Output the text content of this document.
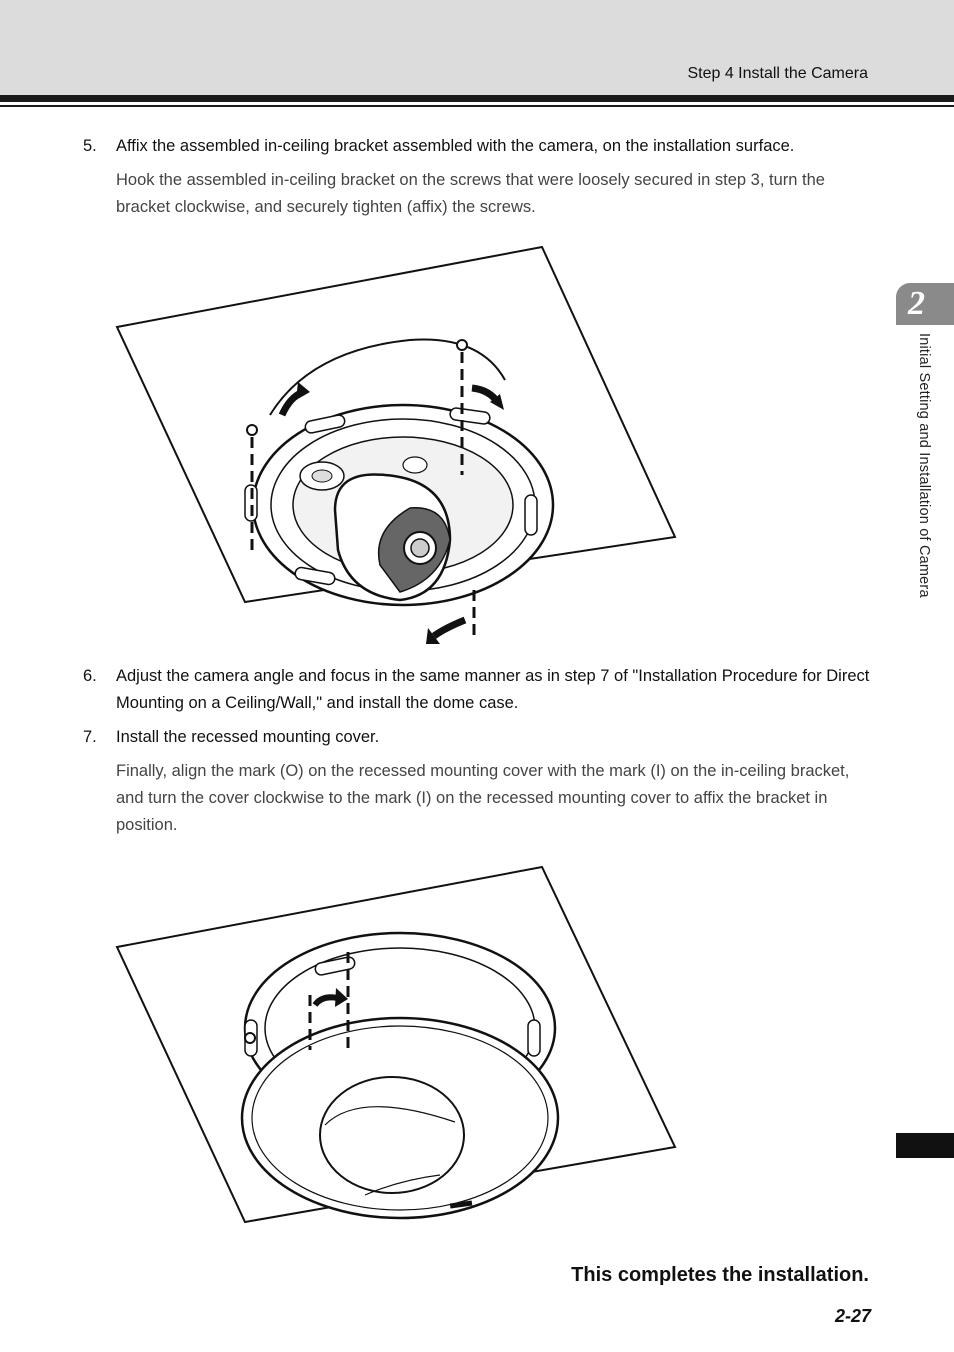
Step 4 Install the Camera
5.	Affix the assembled in-ceiling bracket assembled with the camera, on the installation surface.
Hook the assembled in-ceiling bracket on the screws that were loosely secured in step 3, turn the bracket clockwise, and securely tighten (affix) the screws.
6.	Adjust the camera angle and focus in the same manner as in step 7 of "Installation Procedure for Direct Mounting on a Ceiling/Wall," and install the dome case.
7.	Install the recessed mounting cover.
Finally, align the mark (O) on the recessed mounting cover with the mark (I) on the in-ceiling bracket, and turn the cover clockwise to the mark (I) on the recessed mounting cover to affix the bracket in position.
2
Initial Setting and Installation of Camera
This completes the installation.
2-27
